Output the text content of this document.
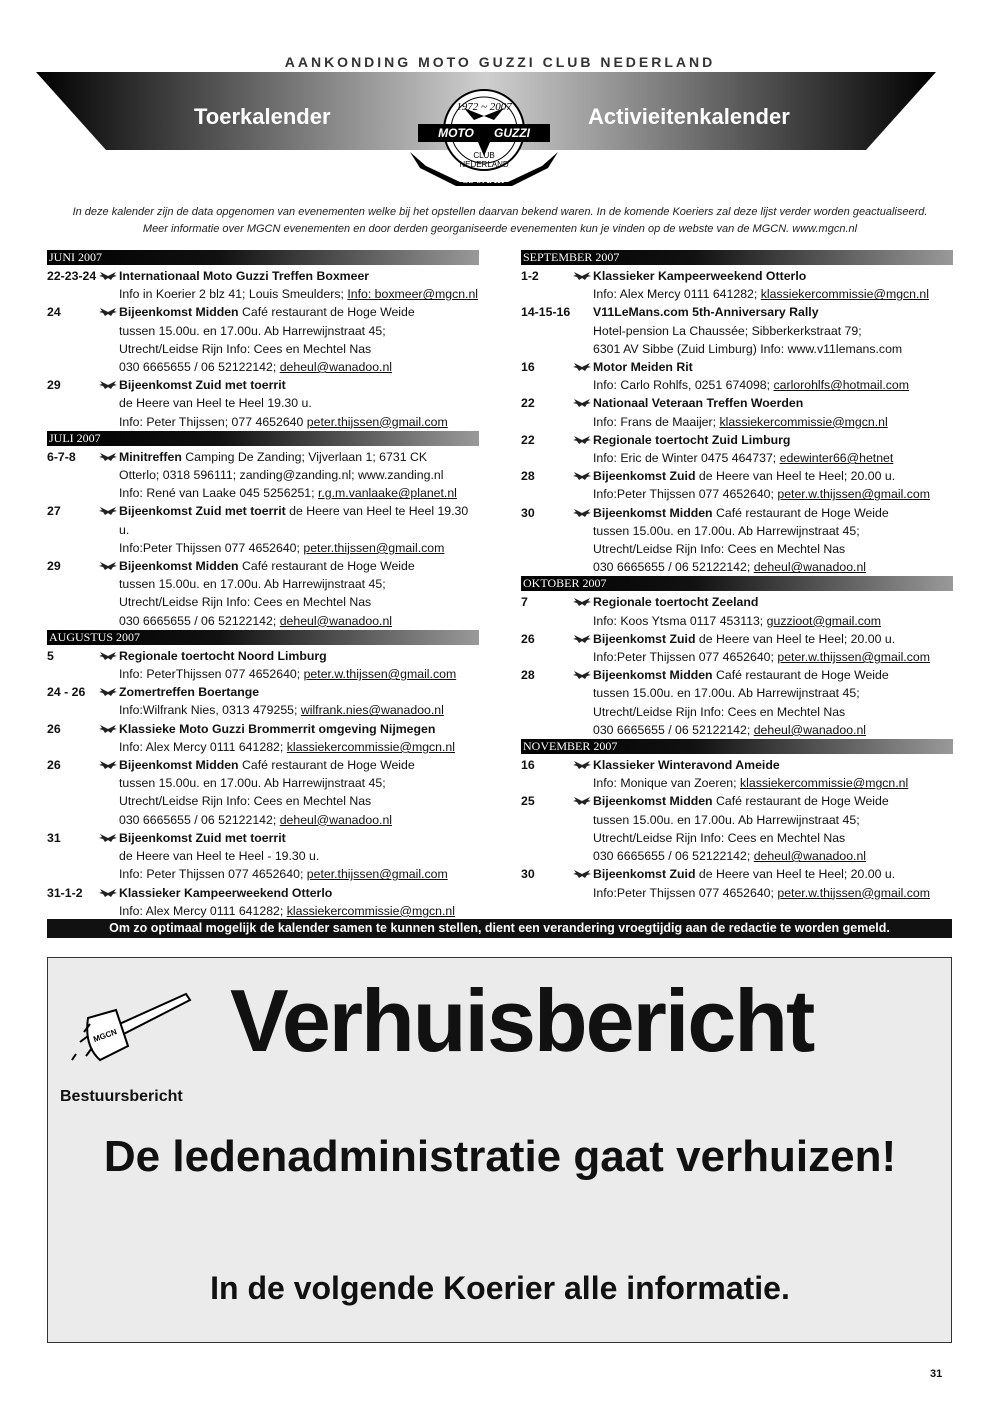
AANKONDING MOTO GUZZI CLUB NEDERLAND
Toerkalender	Activieitenkalender
1972 ~ 2007
MOTO GUZZI
CLUB
NEDERLAND
35 JAAR
In deze kalender zijn de data opgenomen van evenementen welke bij het opstellen daarvan bekend waren. In de komende Koeriers zal deze lijst verder worden geactualiseerd.
Meer informatie over MGCN evenementen en door derden georganiseerde evenementen kun je vinden op de webste van de MGCN. www.mgcn.nl
JUNI 2007
22-23-24 Internationaal Moto Guzzi Treffen Boxmeer
Info in Koerier 2 blz 41; Louis Smeulders; Info: boxmeer@mgcn.nl
24	Bijeenkomst Midden Café restaurant de Hoge Weide
tussen 15.00u. en 17.00u. Ab Harrewijnstraat 45;
Utrecht/Leidse Rijn Info: Cees en Mechtel Nas
030 6665655 / 06 52122142; deheul@wanadoo.nl
29	Bijeenkomst Zuid met toerrit
de Heere van Heel te Heel 19.30 u.
Info: Peter Thijssen; 077 4652640 peter.thijssen@gmail.com
JULI 2007
6-7-8	Minitreffen Camping De Zanding; Vijverlaan 1; 6731 CK
Otterlo; 0318 596111; zanding@zanding.nl; www.zanding.nl
Info: René van Laake 045 5256251; r.g.m.vanlaake@planet.nl
27	Bijeenkomst Zuid met toerrit de Heere van Heel te Heel 19.30 u.
Info:Peter Thijssen 077 4652640; peter.thijssen@gmail.com
29	Bijeenkomst Midden Café restaurant de Hoge Weide
tussen 15.00u. en 17.00u. Ab Harrewijnstraat 45;
Utrecht/Leidse Rijn Info: Cees en Mechtel Nas
030 6665655 / 06 52122142; deheul@wanadoo.nl
AUGUSTUS 2007
5	Regionale toertocht Noord Limburg
Info: PeterThijssen 077 4652640; peter.w.thijssen@gmail.com
24 - 26	Zomertreffen Boertange
Info:Wilfrank Nies, 0313 479255; wilfrank.nies@wanadoo.nl
26	Klassieke Moto Guzzi Brommerrit omgeving Nijmegen
Info: Alex Mercy 0111 641282; klassiekercommissie@mgcn.nl
26	Bijeenkomst Midden Café restaurant de Hoge Weide
tussen 15.00u. en 17.00u. Ab Harrewijnstraat 45;
Utrecht/Leidse Rijn Info: Cees en Mechtel Nas
030 6665655 / 06 52122142; deheul@wanadoo.nl
31	Bijeenkomst Zuid met toerrit
de Heere van Heel te Heel - 19.30 u.
Info: Peter Thijssen 077 4652640; peter.thijssen@gmail.com
31-1-2	Klassieker Kampeerweekend Otterlo
Info: Alex Mercy 0111 641282; klassiekercommissie@mgcn.nl
SEPTEMBER 2007
1-2	Klassieker Kampeerweekend Otterlo
Info: Alex Mercy 0111 641282; klassiekercommissie@mgcn.nl
14-15-16 V11LeMans.com 5th-Anniversary Rally
Hotel-pension La Chaussée; Sibberkerkstraat 79;
6301 AV Sibbe (Zuid Limburg) Info: www.v11lemans.com
16	Motor Meiden Rit
Info: Carlo Rohlfs, 0251 674098; carlorohlfs@hotmail.com
22	Nationaal Veteraan Treffen Woerden
Info: Frans de Maaijer; klassiekercommissie@mgcn.nl
22	Regionale toertocht Zuid Limburg
Info: Eric de Winter 0475 464737; edewinter66@hetnet
28	Bijeenkomst Zuid de Heere van Heel te Heel; 20.00 u.
Info:Peter Thijssen 077 4652640; peter.w.thijssen@gmail.com
30	Bijeenkomst Midden Café restaurant de Hoge Weide
tussen 15.00u. en 17.00u. Ab Harrewijnstraat 45;
Utrecht/Leidse Rijn Info: Cees en Mechtel Nas
030 6665655 / 06 52122142; deheul@wanadoo.nl
OKTOBER 2007
7	Regionale toertocht Zeeland
Info: Koos Ytsma 0117 453113; guzzioot@gmail.com
26	Bijeenkomst Zuid de Heere van Heel te Heel; 20.00 u.
Info:Peter Thijssen 077 4652640; peter.w.thijssen@gmail.com
28	Bijeenkomst Midden Café restaurant de Hoge Weide
tussen 15.00u. en 17.00u. Ab Harrewijnstraat 45;
Utrecht/Leidse Rijn Info: Cees en Mechtel Nas
030 6665655 / 06 52122142; deheul@wanadoo.nl
NOVEMBER 2007
16	Klassieker Winteravond Ameide
Info: Monique van Zoeren; klassiekercommissie@mgcn.nl
25	Bijeenkomst Midden Café restaurant de Hoge Weide
tussen 15.00u. en 17.00u. Ab Harrewijnstraat 45;
Utrecht/Leidse Rijn Info: Cees en Mechtel Nas
030 6665655 / 06 52122142; deheul@wanadoo.nl
30	Bijeenkomst Zuid de Heere van Heel te Heel; 20.00 u.
Info:Peter Thijssen 077 4652640; peter.w.thijssen@gmail.com
Om zo optimaal mogelijk de kalender samen te kunnen stellen, dient een verandering vroegtijdig aan de redactie te worden gemeld.
MGCN Verhuisbericht
Bestuursbericht
De ledenadministratie gaat verhuizen!
In de volgende Koerier alle informatie.
31
